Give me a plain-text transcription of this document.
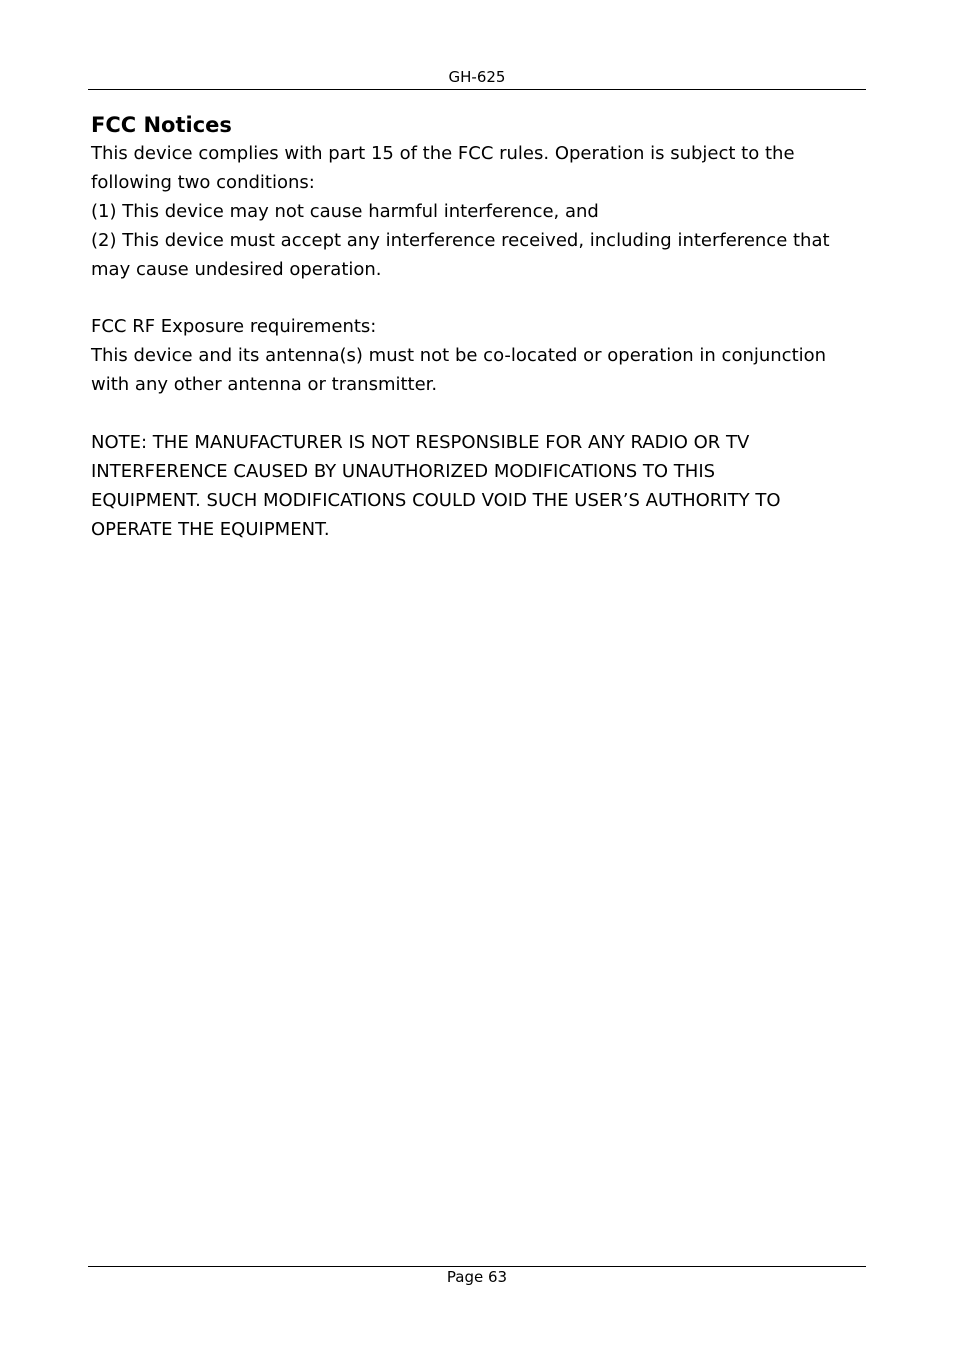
GH-625
FCC Notices

This device complies with part 15 of the FCC rules. Operation is subject to the
following two conditions:

(1) This device may not cause harmful interference, and

(2) This device must accept any interference received, including interference that
may cause undesired operation.

FCC RF Exposure requirements:

This device and its antenna(s) must not be co-located or operation in conjunction
with any other antenna or transmitter.

NOTE: THE MANUFACTURER IS NOT RESPONSIBLE FOR ANY RADIO OR TV
INTERFERENCE CAUSED BY UNAUTHORIZED MODIFICATIONS TO THIS
EQUIPMENT. SUCH MODIFICATIONS COULD VOID THE USER’S AUTHORITY TO
OPERATE THE EQUIPMENT.

Page 63
